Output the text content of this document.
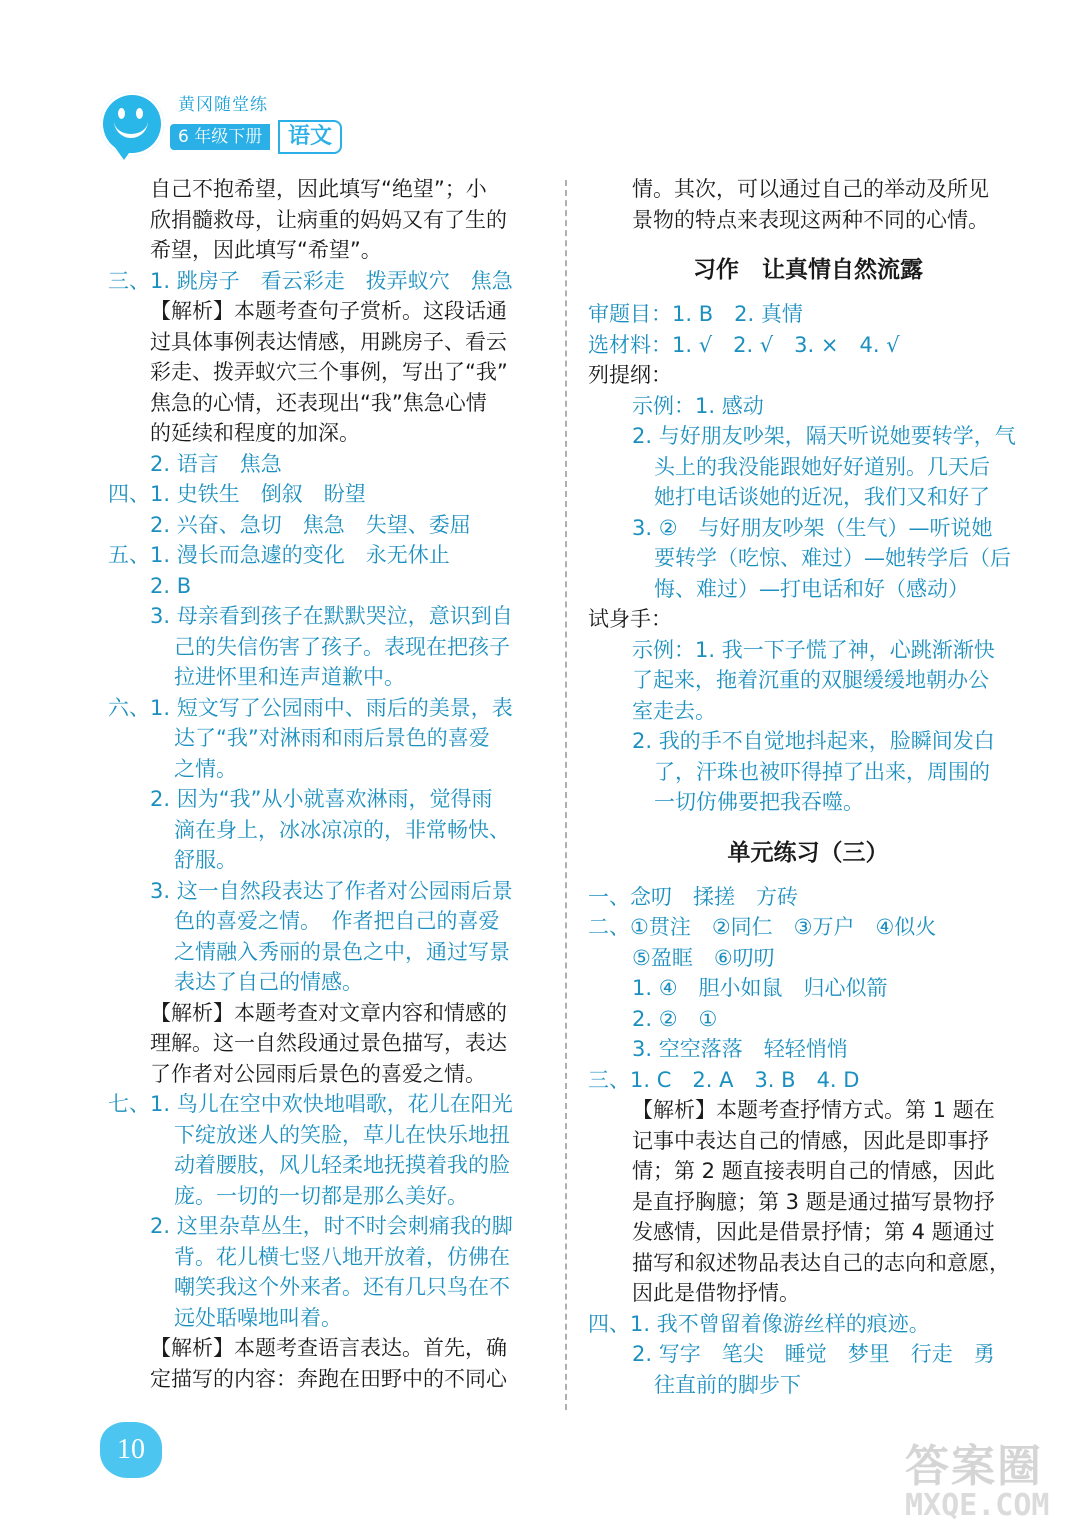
黄冈随堂练
6 年级下册	语文
自己不抱希望，因此填写“绝望”；小
欣捐髓救母，让病重的妈妈又有了生的
希望，因此填写“希望”。
三、1. 跳房子　看云彩走　拨弄蚁穴　焦急
【解析】本题考查句子赏析。这段话通
过具体事例表达情感，用跳房子、看云
彩走、拨弄蚁穴三个事例，写出了“我”
焦急的心情，还表现出“我”焦急心情
的延续和程度的加深。
2. 语言　焦急
四、1. 史铁生　倒叙　盼望
2. 兴奋、急切　焦急　失望、委屈
五、1. 漫长而急遽的变化　永无休止
2. B
3. 母亲看到孩子在默默哭泣，意识到自
己的失信伤害了孩子。表现在把孩子
拉进怀里和连声道歉中。
六、1. 短文写了公园雨中、雨后的美景，表
达了“我”对淋雨和雨后景色的喜爱
之情。
2. 因为“我”从小就喜欢淋雨，觉得雨
滴在身上，冰冰凉凉的，非常畅快、
舒服。
3. 这一自然段表达了作者对公园雨后景
色的喜爱之情。　作者把自己的喜爱
之情融入秀丽的景色之中，通过写景
表达了自己的情感。
【解析】本题考查对文章内容和情感的
理解。这一自然段通过景色描写，表达
了作者对公园雨后景色的喜爱之情。
七、1. 鸟儿在空中欢快地唱歌，花儿在阳光
下绽放迷人的笑脸，草儿在快乐地扭
动着腰肢，风儿轻柔地抚摸着我的脸
庞。一切的一切都是那么美好。
2. 这里杂草丛生，时不时会刺痛我的脚
背。花儿横七竖八地开放着，仿佛在
嘲笑我这个外来者。还有几只鸟在不
远处聒噪地叫着。
【解析】本题考查语言表达。首先，确
定描写的内容：奔跑在田野中的不同心
情。其次，可以通过自己的举动及所见
景物的特点来表现这两种不同的心情。
习作　让真情自然流露
审题目：1. B　2. 真情
选材料：1. √　2. √　3. ×　4. √
列提纲：
示例：1. 感动
2. 与好朋友吵架，隔天听说她要转学，气
头上的我没能跟她好好道别。几天后
她打电话谈她的近况，我们又和好了
3. ②　与好朋友吵架（生气）—听说她
要转学（吃惊、难过）—她转学后（后
悔、难过）—打电话和好（感动）
试身手：
示例：1. 我一下子慌了神，心跳渐渐快
了起来，拖着沉重的双腿缓缓地朝办公
室走去。
2. 我的手不自觉地抖起来，脸瞬间发白
了，汗珠也被吓得掉了出来，周围的
一切仿佛要把我吞噬。
单元练习（三）
一、念叨　揉搓　方砖
二、①贯注　②同仁　③万户　④似火
⑤盈眶　⑥叨叨
1. ④　胆小如鼠　归心似箭
2. ②　①
3. 空空落落　轻轻悄悄
三、1. C　2. A　3. B　4. D
【解析】本题考查抒情方式。第 1 题在
记事中表达自己的情感，因此是即事抒
情；第 2 题直接表明自己的情感，因此
是直抒胸臆；第 3 题是通过描写景物抒
发感情，因此是借景抒情；第 4 题通过
描写和叙述物品表达自己的志向和意愿，
因此是借物抒情。
四、1. 我不曾留着像游丝样的痕迹。
2. 写字　笔尖　睡觉　梦里　行走　勇
往直前的脚步下
10	答案圈
MXQE.COM
